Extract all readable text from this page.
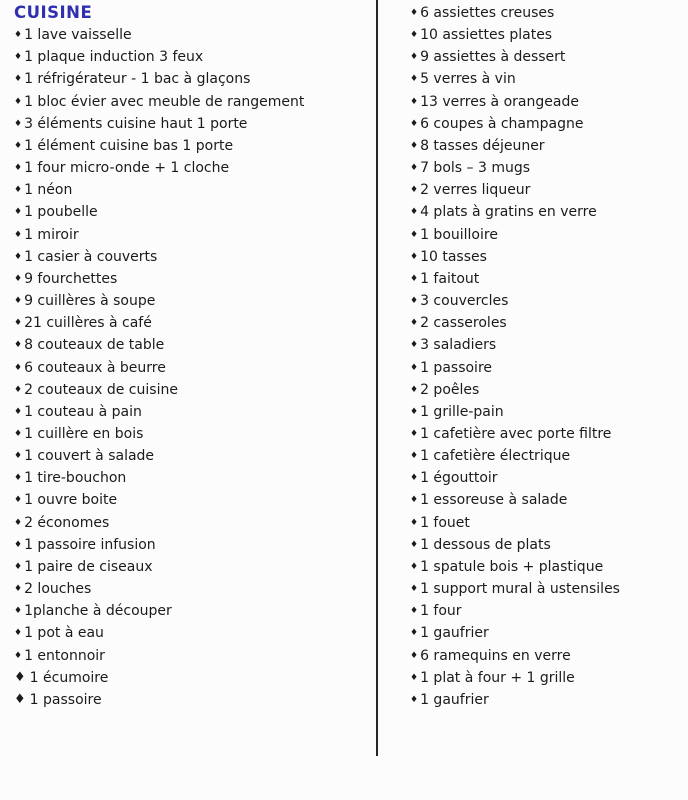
CUISINE
♦ 1 lave vaisselle
♦ 1 plaque induction 3 feux
♦ 1 réfrigérateur - 1 bac à glaçons
♦ 1 bloc évier avec meuble de rangement
♦ 3 éléments cuisine haut 1 porte
♦ 1 élément cuisine bas 1 porte
♦ 1 four micro-onde + 1 cloche
♦ 1 néon
♦ 1 poubelle
♦ 1 miroir
♦ 1 casier à couverts
♦ 9 fourchettes
♦ 9 cuillères à soupe
♦ 21 cuillères à café
♦ 8 couteaux de table
♦ 6 couteaux à beurre
♦ 2 couteaux de cuisine
♦ 1 couteau à pain
♦ 1 cuillère en bois
♦ 1 couvert à salade
♦ 1 tire-bouchon
♦ 1 ouvre boite
♦ 2 économes
♦ 1 passoire infusion
♦ 1 paire de ciseaux
♦ 2 louches
♦ 1planche à découper
♦ 1 pot à eau
♦ 1 entonnoir
♦ 1 écumoire
♦ 1 passoire
♦ 6 assiettes creuses
♦ 10 assiettes plates
♦ 9 assiettes à dessert
♦ 5 verres à vin
♦ 13 verres à orangeade
♦ 6 coupes à champagne
♦ 8 tasses déjeuner
♦ 7 bols – 3 mugs
♦ 2 verres liqueur
♦ 4 plats à gratins en verre
♦ 1 bouilloire
♦ 10 tasses
♦ 1 faitout
♦ 3 couvercles
♦ 2 casseroles
♦ 3 saladiers
♦ 1 passoire
♦ 2 poêles
♦ 1 grille-pain
♦ 1 cafetière avec porte filtre
♦ 1 cafetière électrique
♦ 1 égouttoir
♦ 1 essoreuse à salade
♦ 1 fouet
♦ 1 dessous de plats
♦ 1 spatule bois + plastique
♦ 1 support mural à ustensiles
♦ 1 four
♦ 1 gaufrier
♦ 6 ramequins en verre
♦ 1 plat à four + 1 grille
♦ 1 gaufrier
